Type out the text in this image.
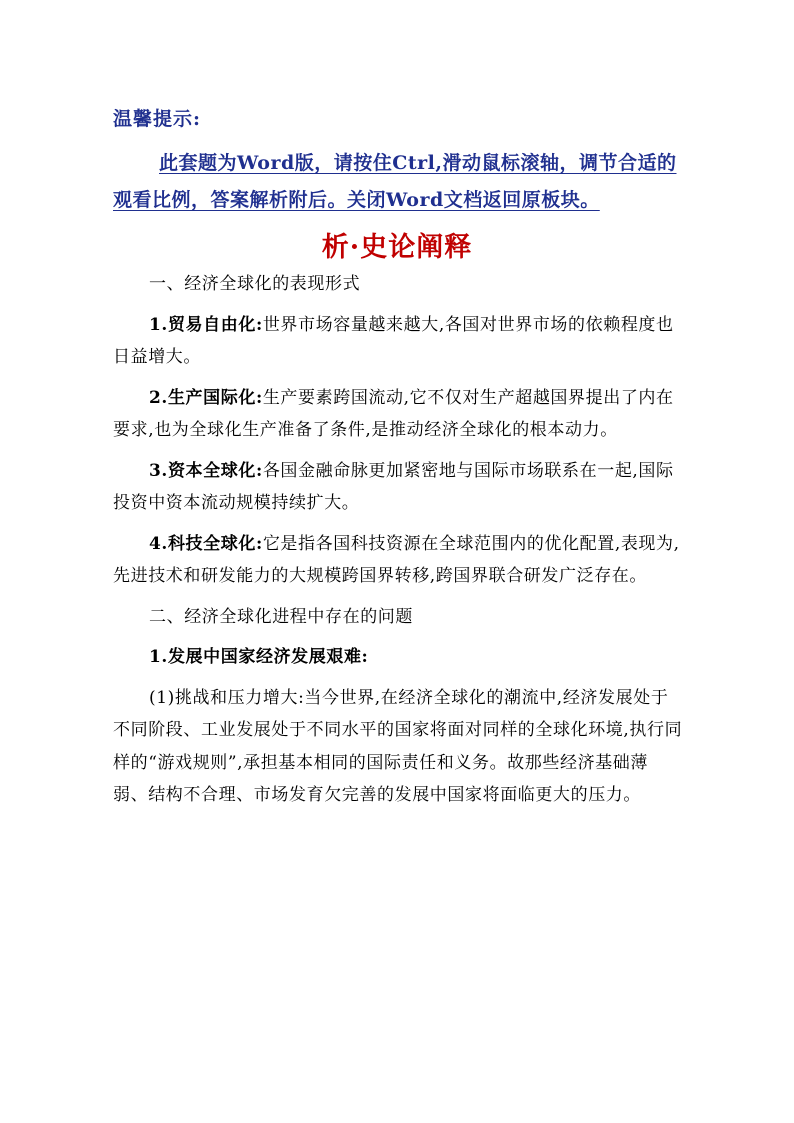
温馨提示:
此套题为Word版，请按住Ctrl,滑动鼠标滚轴，调节合适的观看比例，答案解析附后。关闭Word文档返回原板块。
析·史论阐释

一、经济全球化的表现形式

1.贸易自由化:世界市场容量越来越大,各国对世界市场的依赖程度也日益增大。

2.生产国际化:生产要素跨国流动,它不仅对生产超越国界提出了内在要求,也为全球化生产准备了条件,是推动经济全球化的根本动力。

3.资本全球化:各国金融命脉更加紧密地与国际市场联系在一起,国际投资中资本流动规模持续扩大。

4.科技全球化:它是指各国科技资源在全球范围内的优化配置,表现为,先进技术和研发能力的大规模跨国界转移,跨国界联合研发广泛存在。

二、经济全球化进程中存在的问题

1.发展中国家经济发展艰难:

(1)挑战和压力增大:当今世界,在经济全球化的潮流中,经济发展处于不同阶段、工业发展处于不同水平的国家将面对同样的全球化环境,执行同样的“游戏规则”,承担基本相同的国际责任和义务。故那些经济基础薄弱、结构不合理、市场发育欠完善的发展中国家将面临更大的压力。
